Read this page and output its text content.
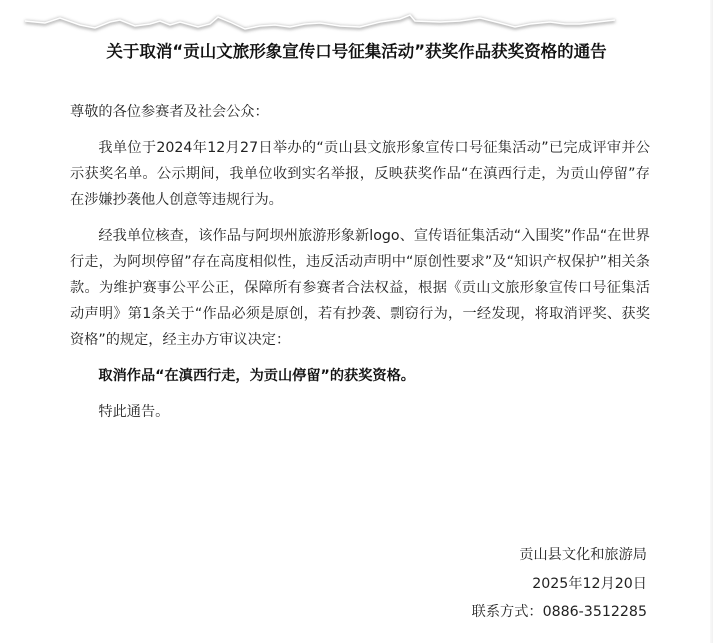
关于取消“贡山文旅形象宣传口号征集活动”获奖作品获奖资格的通告

尊敬的各位参赛者及社会公众：

我单位于2024年12月27日举办的“贡山县文旅形象宣传口号征集活动”已完成评审并公示获奖名单。公示期间，我单位收到实名举报，反映获奖作品“在滇西行走，为贡山停留”存在涉嫌抄袭他人创意等违规行为。

经我单位核查，该作品与阿坝州旅游形象新logo、宣传语征集活动“入围奖”作品“在世界行走，为阿坝停留”存在高度相似性，违反活动声明中“原创性要求”及“知识产权保护”相关条款。为维护赛事公平公正，保障所有参赛者合法权益，根据《贡山文旅形象宣传口号征集活动声明》第1条关于“作品必须是原创，若有抄袭、剽窃行为，一经发现，将取消评奖、获奖资格”的规定，经主办方审议决定：

取消作品“在滇西行走，为贡山停留”的获奖资格。

特此通告。

贡山县文化和旅游局
2025年12月20日
联系方式：0886-3512285
